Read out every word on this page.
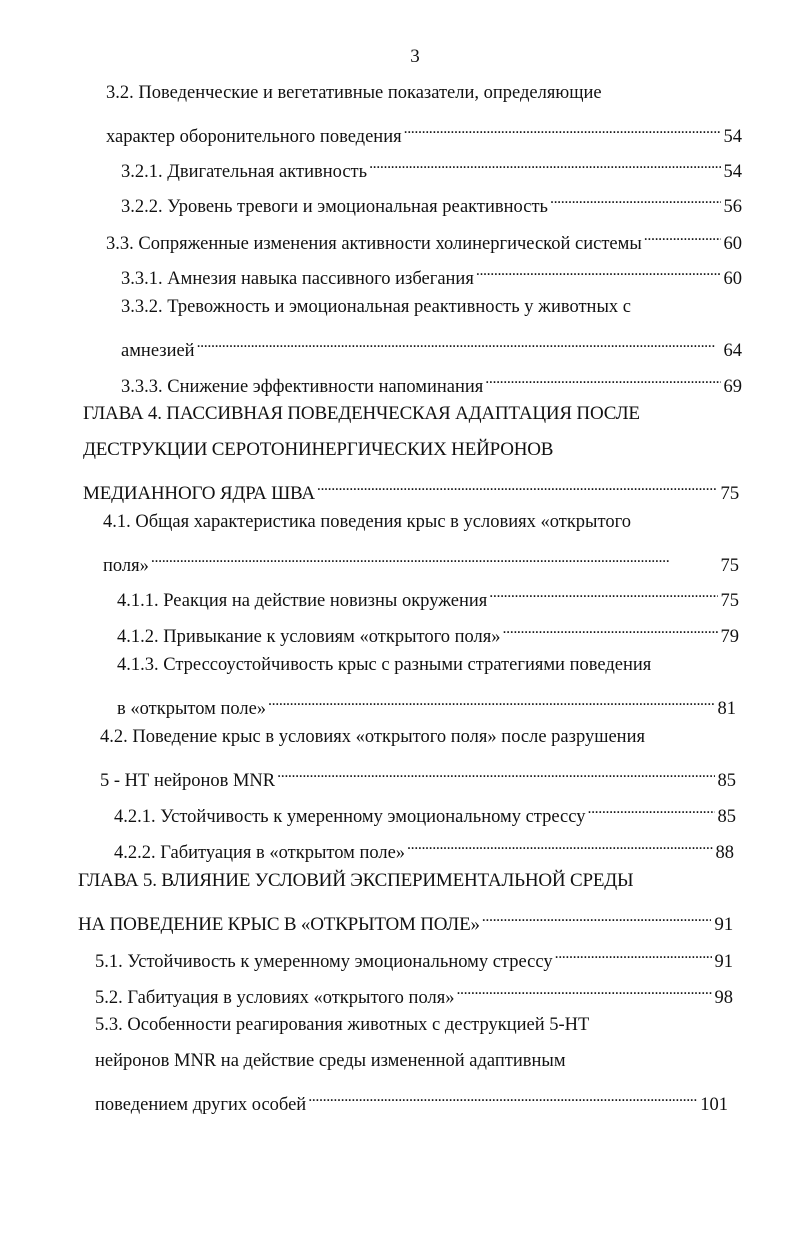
3
3.2. Поведенческие и вегетативные показатели, определяющие
характер оборонительного поведения . . .	54
3.2.1. Двигательная активность . . .	54
3.2.2. Уровень тревоги и эмоциональная реактивность . . .	56
3.3. Сопряженные изменения активности холинергической системы . . .	60
3.3.1. Амнезия навыка пассивного избегания . . .	60
3.3.2. Тревожность и эмоциональная реактивность у животных с
амнезией . . .	64
3.3.3. Снижение эффективности напоминания . . .	69
ГЛАВА 4. ПАССИВНАЯ ПОВЕДЕНЧЕСКАЯ АДАПТАЦИЯ ПОСЛЕ
ДЕСТРУКЦИИ СЕРОТОНИНЕРГИЧЕСКИХ НЕЙРОНОВ
МЕДИАННОГО ЯДРА ШВА . . .	75
4.1. Общая характеристика поведения крыс в условиях «открытого
поля» . . .	75
4.1.1. Реакция на действие новизны окружения . . .	75
4.1.2. Привыкание к условиям «открытого поля» . . .	79
4.1.3. Стрессоустойчивость крыс с разными стратегиями поведения
в «открытом поле» . . .	81
4.2. Поведение крыс в условиях «открытого поля» после разрушения
5 - НТ нейронов MNR . . .	85
4.2.1. Устойчивость к умеренному эмоциональному стрессу . . .	85
4.2.2. Габитуация в «открытом поле» . . .	88
ГЛАВА 5. ВЛИЯНИЕ УСЛОВИЙ ЭКСПЕРИМЕНТАЛЬНОЙ СРЕДЫ
НА ПОВЕДЕНИЕ КРЫС В «ОТКРЫТОМ ПОЛЕ» . . .	91
5.1. Устойчивость к умеренному эмоциональному стрессу . . .	91
5.2. Габитуация в условиях «открытого поля» . . .	98
5.3. Особенности реагирования животных с деструкцией 5-НТ
нейронов MNR на действие среды измененной адаптивным
поведением других особей . . .	101
